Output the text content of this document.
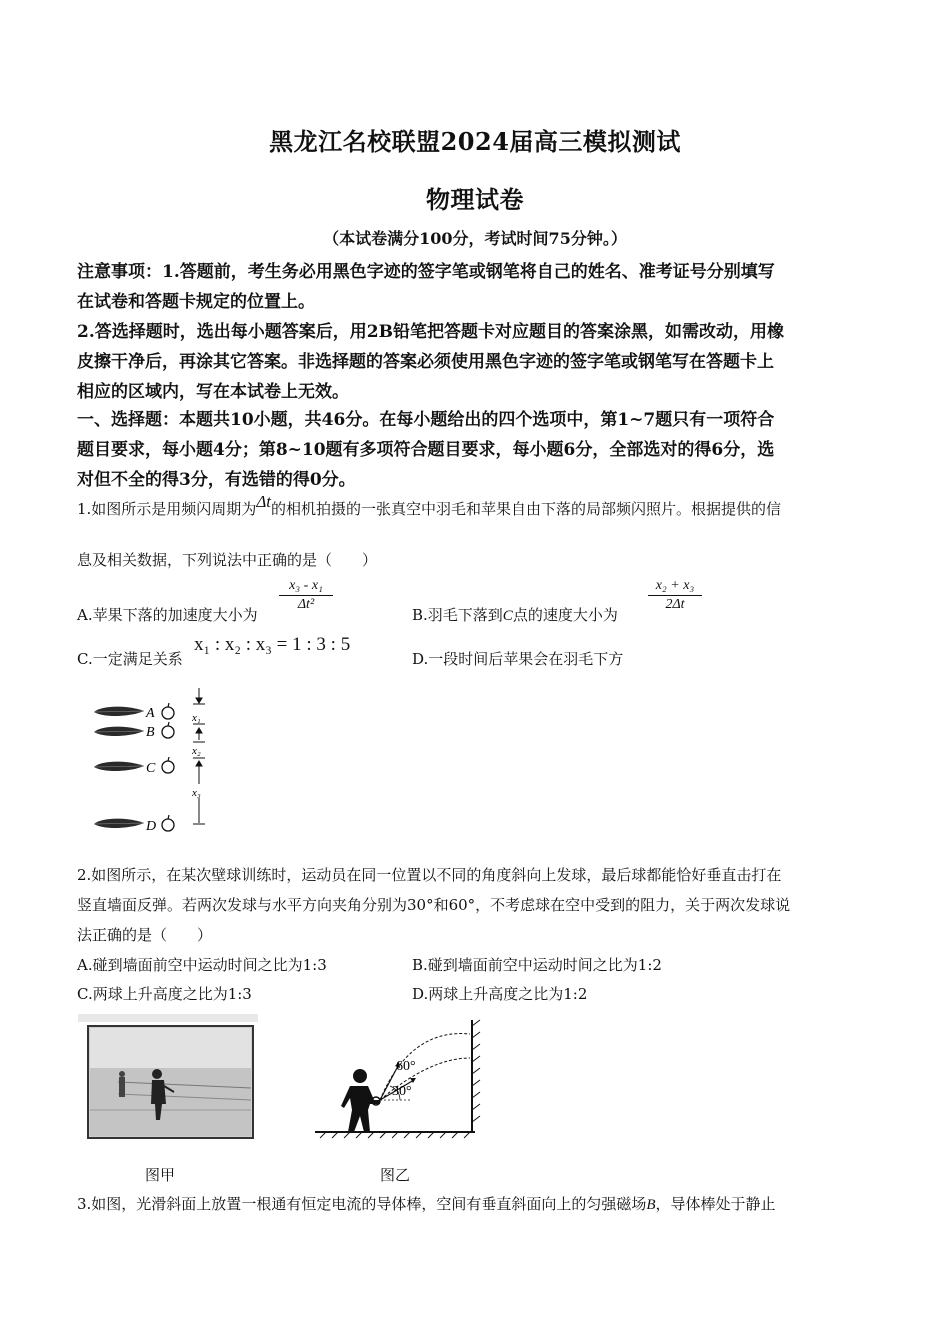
黑龙江名校联盟2024届高三模拟测试
物理试卷
（本试卷满分100分，考试时间75分钟。）
注意事项：1.答题前，考生务必用黑色字迹的签字笔或钢笔将自己的姓名、准考证号分别填写
在试卷和答题卡规定的位置上。
2.答选择题时，选出每小题答案后，用2B铅笔把答题卡对应题目的答案涂黑，如需改动，用橡
皮擦干净后，再涂其它答案。非选择题的答案必须使用黑色字迹的签字笔或钢笔写在答题卡上
相应的区域内，写在本试卷上无效。
一、选择题：本题共10小题，共46分。在每小题给出的四个选项中，第1~7题只有一项符合
题目要求，每小题4分；第8~10题有多项符合题目要求，每小题6分，全部选对的得6分，选
对但不全的得3分，有选错的得0分。
1.如图所示是用频闪周期为Δt的相机拍摄的一张真空中羽毛和苹果自由下落的局部频闪照片。根据提供的信
息及相关数据，下列说法中正确的是（　　）
A.苹果下落的加速度大小为
x₃ - x₁
Δt²
B.羽毛下落到C点的速度大小为
x₂ + x₃
2Δt
C.一定满足关系
x₁ : x₂ : x₃ = 1 : 3 : 5
D.一段时间后苹果会在羽毛下方
A
B
C
D
x₁
x₂
x₃
2.如图所示，在某次壁球训练时，运动员在同一位置以不同的角度斜向上发球，最后球都能恰好垂直击打在
竖直墙面反弹。若两次发球与水平方向夹角分别为30°和60°，不考虑球在空中受到的阻力，关于两次发球说
法正确的是（　　）
A.碰到墙面前空中运动时间之比为1:3	B.碰到墙面前空中运动时间之比为1:2
C.两球上升高度之比为1:3	D.两球上升高度之比为1:2
60°
30°
图甲	图乙
3.如图，光滑斜面上放置一根通有恒定电流的导体棒，空间有垂直斜面向上的匀强磁场B，导体棒处于静止
